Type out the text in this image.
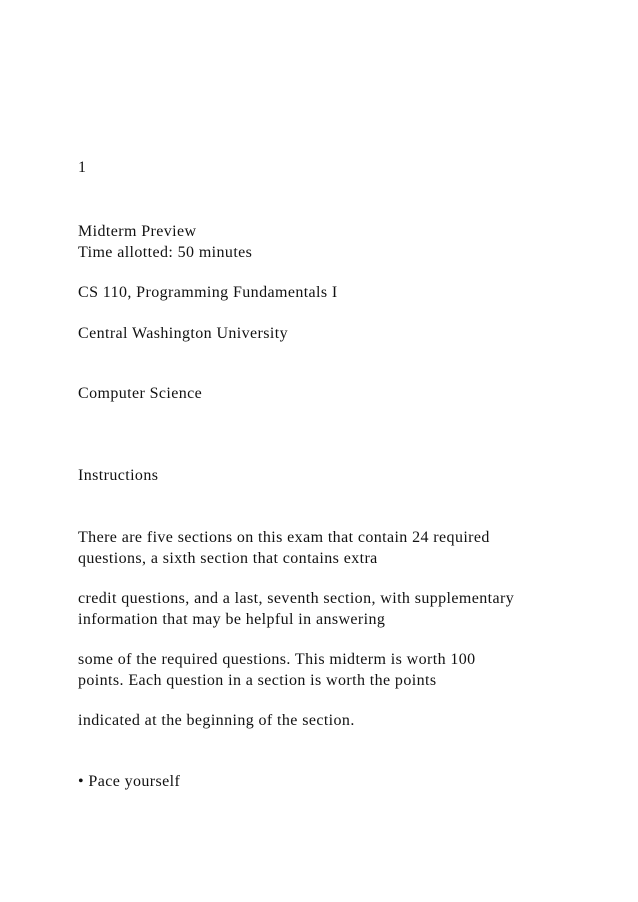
1
Midterm Preview
Time allotted: 50 minutes
CS 110, Programming Fundamentals I
Central Washington University
Computer Science
Instructions
There are five sections on this exam that contain 24 required
questions, a sixth section that contains extra
credit questions, and a last, seventh section, with supplementary
information that may be helpful in answering
some of the required questions. This midterm is worth 100
points. Each question in a section is worth the points
indicated at the beginning of the section.
• Pace yourself
